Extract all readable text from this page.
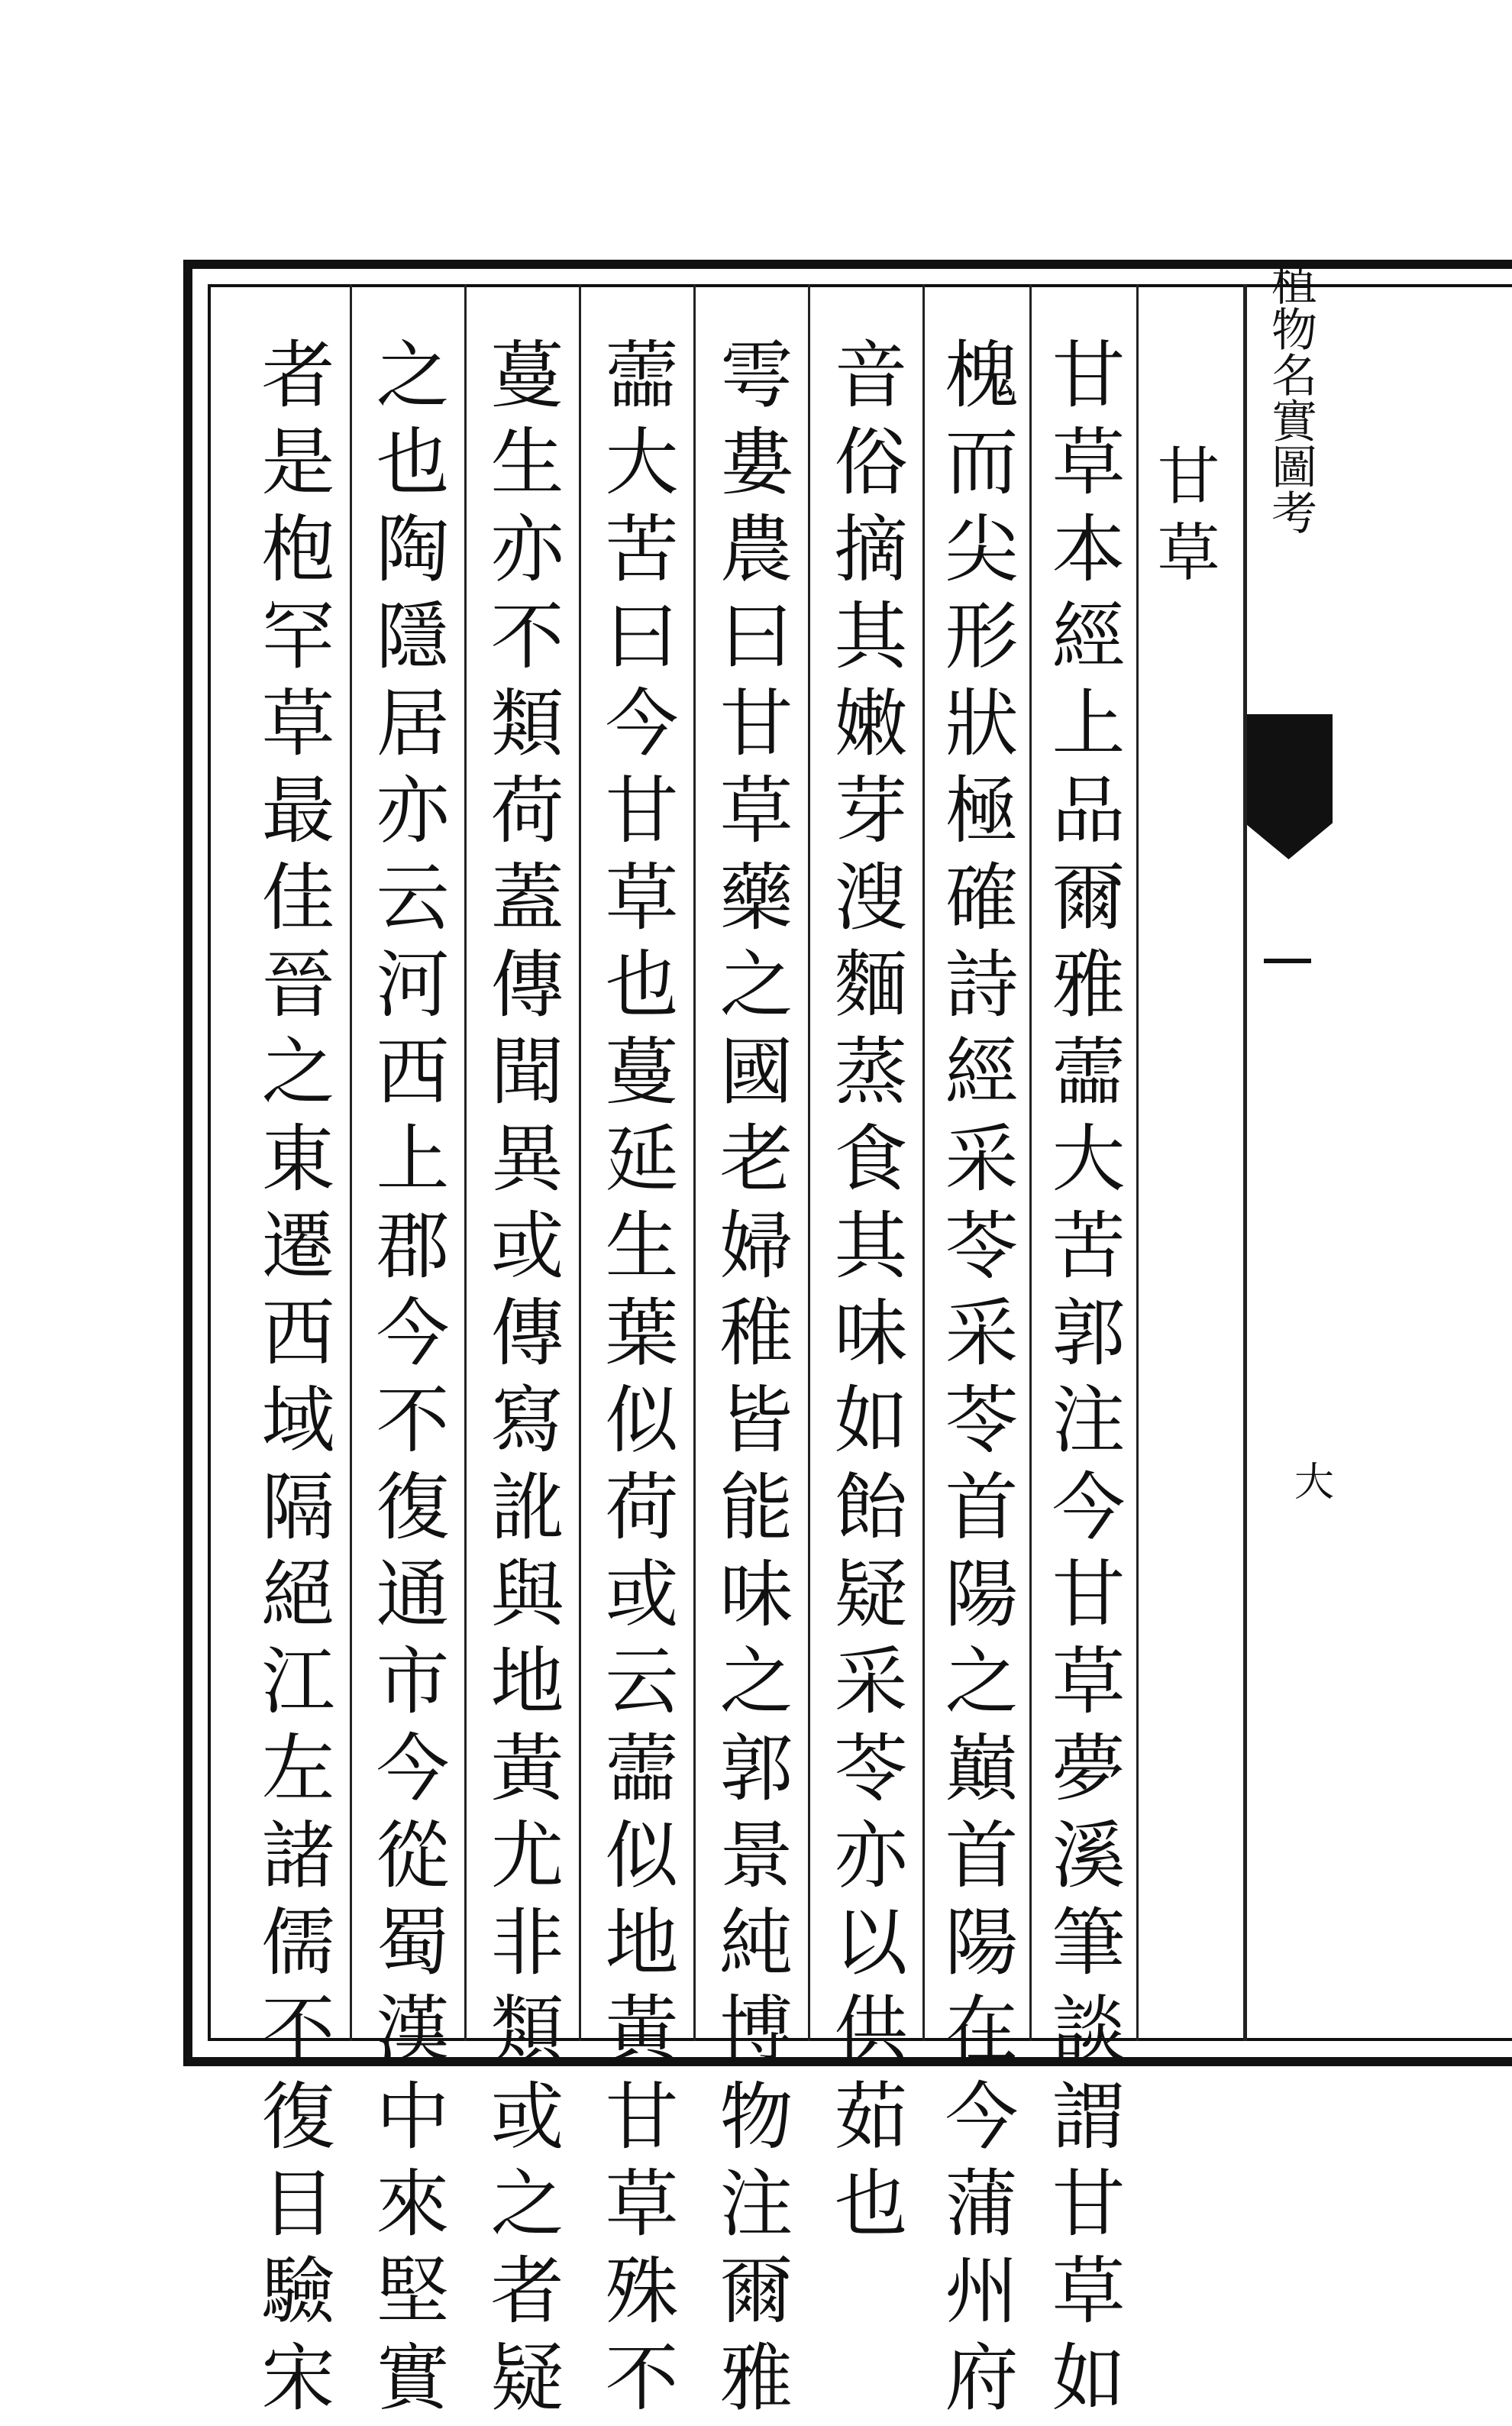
植物名實圖考
大
甘草
甘草本經上品爾雅蘦大苦郭注今甘草夢溪筆談謂甘草如
槐而尖形狀極確詩經采苓采苓首陽之巔首陽在今蒲州府
音俗摘其嫩芽溲麵蒸食其味如飴疑采苓亦以供茹也
雩婁農曰甘草藥之國老婦稚皆能味之郭景純博物注爾雅
蘦大苦曰今甘草也蔓延生葉似荷或云蘦似地黃甘草殊不
蔓生亦不類荷蓋傳聞異或傳寫訛與地黃尤非類或之者疑
之也陶隱居亦云河西上郡今不復通市今從蜀漢中來堅實
者是枹罕草最佳晉之東遷西域隔絕江左諸儒不復目驗宋
